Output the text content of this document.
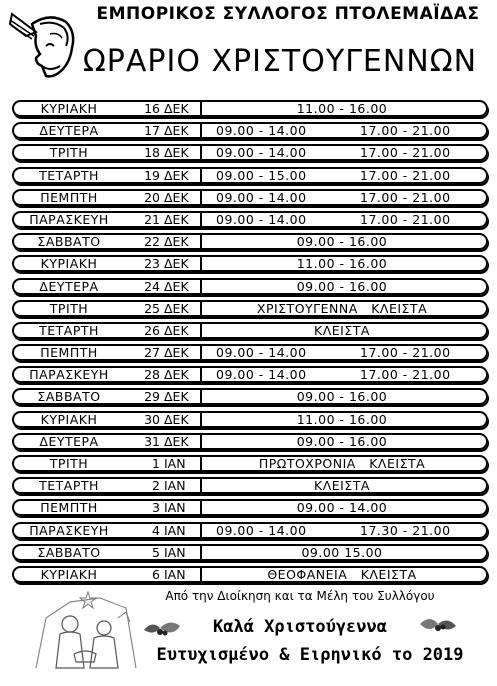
ΕΜΠΟΡΙΚΟΣ ΣΥΛΛΟΓΟΣ ΠΤΟΛΕΜΑΪΔΑΣ
ΩΡΑΡΙΟ ΧΡΙΣΤΟΥΓΕΝΝΩΝ
ΚΥΡΙΑΚΗ	16 ΔΕΚ	11.00 - 16.00
ΔΕΥΤΕΡΑ	17 ΔΕΚ	09.00 - 14.00	17.00 - 21.00
ΤΡΙΤΗ	18 ΔΕΚ	09.00 - 14.00	17.00 - 21.00
ΤΕΤΑΡΤΗ	19 ΔΕΚ	09.00 - 15.00	17.00 - 21.00
ΠΕΜΠΤΗ	20 ΔΕΚ	09.00 - 14.00	17.00 - 21.00
ΠΑΡΑΣΚΕΥΗ	21 ΔΕΚ	09.00 - 14.00	17.00 - 21.00
ΣΑΒΒΑΤΟ	22 ΔΕΚ	09.00 - 16.00
ΚΥΡΙΑΚΗ	23 ΔΕΚ	11.00 - 16.00
ΔΕΥΤΕΡΑ	24 ΔΕΚ	09.00 - 16.00
ΤΡΙΤΗ	25 ΔΕΚ	ΧΡΙΣΤΟΥΓΕΝΝΑ   ΚΛΕΙΣΤΑ
ΤΕΤΑΡΤΗ	26 ΔΕΚ	ΚΛΕΙΣΤΑ
ΠΕΜΠΤΗ	27 ΔΕΚ	09.00 - 14.00	17.00 - 21.00
ΠΑΡΑΣΚΕΥΗ	28 ΔΕΚ	09.00 - 14.00	17.00 - 21.00
ΣΑΒΒΑΤΟ	29 ΔΕΚ	09.00 - 16.00
ΚΥΡΙΑΚΗ	30 ΔΕΚ	11.00 - 16.00
ΔΕΥΤΕΡΑ	31 ΔΕΚ	09.00 - 16.00
ΤΡΙΤΗ	1 ΙΑΝ	ΠΡΩΤΟΧΡΟΝΙΑ   ΚΛΕΙΣΤΑ
ΤΕΤΑΡΤΗ	2 ΙΑΝ	ΚΛΕΙΣΤΑ
ΠΕΜΠΤΗ	3 ΙΑΝ	09.00 - 14.00
ΠΑΡΑΣΚΕΥΗ	4 ΙΑΝ	09.00 - 14.00	17.30 - 21.00
ΣΑΒΒΑΤΟ	5 ΙΑΝ	09.00 15.00
ΚΥΡΙΑΚΗ	6 ΙΑΝ	ΘΕΟΦΑΝΕΙΑ   ΚΛΕΙΣΤΑ
Από την Διοίκηση και τα Μέλη του Συλλόγου
Καλά Χριστούγεννα
Ευτυχισμένο & Ειρηνικό το 2019
